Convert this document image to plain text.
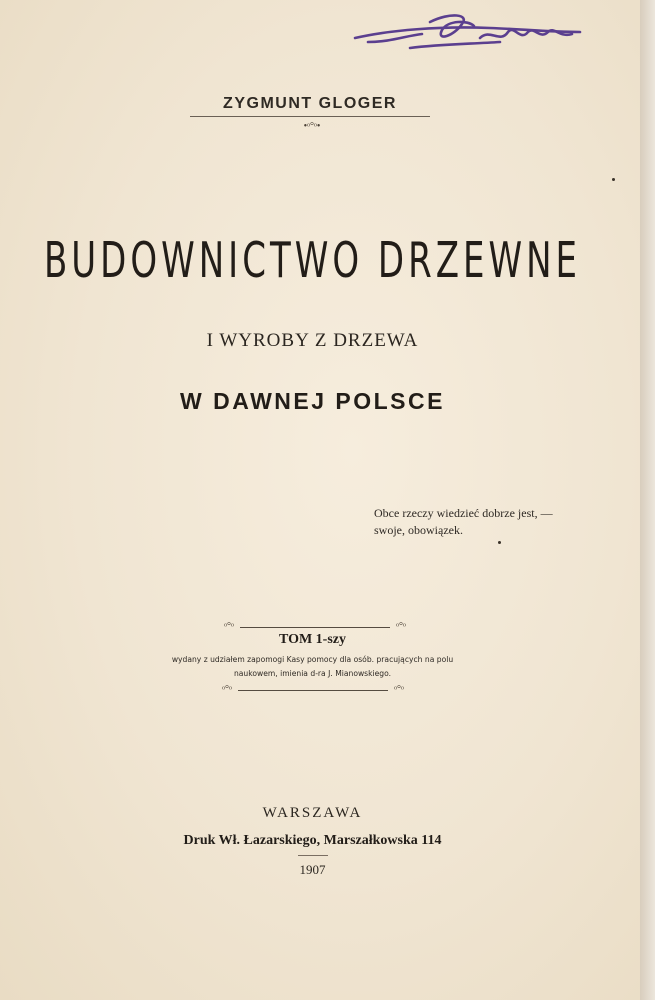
ZYGMUNT GLOGER
•ᵒ°ᵒ•
BUDOWNICTWO DRZEWNE
I WYROBY Z DRZEWA
W DAWNEJ POLSCE
Obce rzeczy wiedzieć dobrze jest, —
swoje, obowiązek.
ᵒ°ᵒ	ᵒ°ᵒ
TOM 1-szy
wydany z udziałem zapomogi Kasy pomocy dla osób. pracujących na polu
naukowem, imienia d-ra J. Mianowskiego.
ᵒ°ᵒ	ᵒ°ᵒ
WARSZAWA
Druk Wł. Łazarskiego, Marszałkowska 114
1907
